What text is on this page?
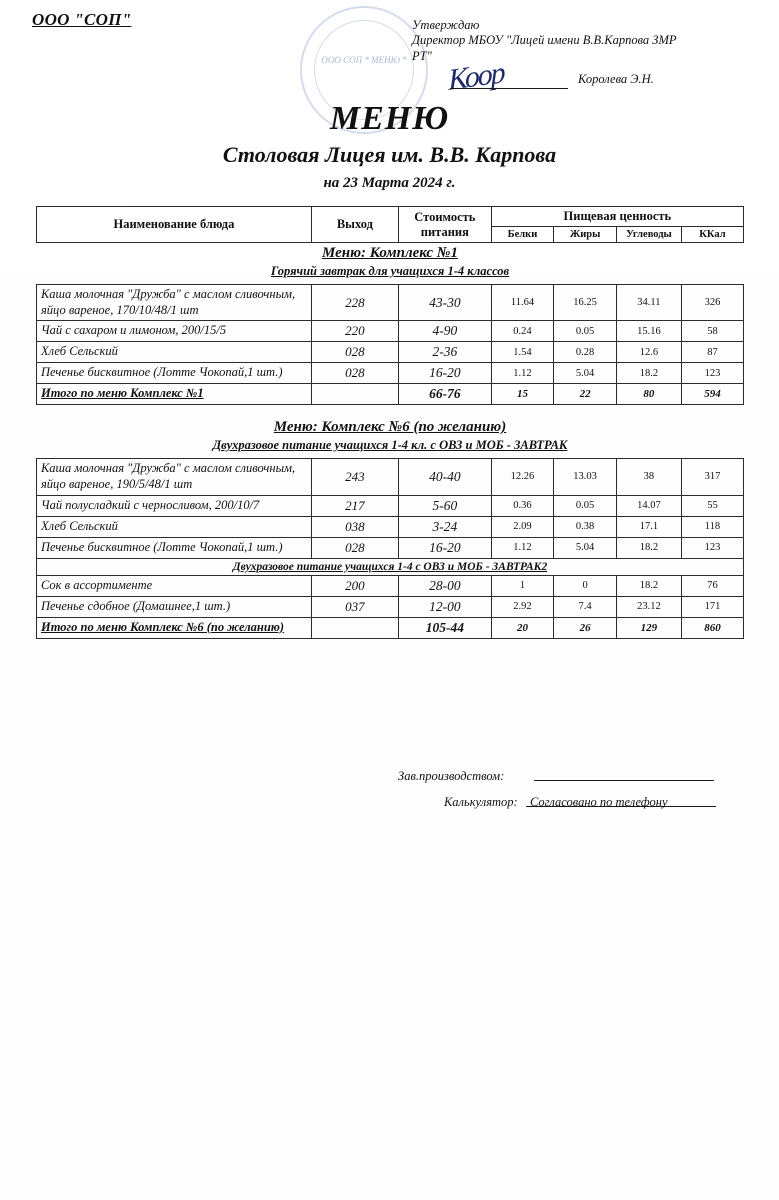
ООО "СОП"
ООО СОП * МЕНЮ *
Утверждаю
Директор МБОУ "Лицей имени В.В.Карпова ЗМР
РТ"
Коор	Королева Э.Н.
МЕНЮ
Столовая Лицея им. В.В. Карпова
на 23 Марта 2024 г.
Наименование блюда	Выход	Стоимость питания	Пищевая ценность			
			Белки	Жиры	Углеводы	ККал
Меню: Комплекс №1						
Горячий завтрак для учащихся 1-4 классов						
Каша молочная "Дружба" с маслом сливочным, яйцо вареное, 170/10/48/1 шт	228	43-30	11.64	16.25	34.11	326
Чай с сахаром и лимоном, 200/15/5	220	4-90	0.24	0.05	15.16	58
Хлеб Сельский	028	2-36	1.54	0.28	12.6	87
Печенье бисквитное (Лотте Чокопай,1 шт.)	028	16-20	1.12	5.04	18.2	123
Итого по меню Комплекс №1		66-76	15	22	80	594
Меню: Комплекс №6 (по желанию)						
Двухразовое питание учащихся 1-4 кл. с ОВЗ и МОБ - ЗАВТРАК						
Каша молочная "Дружба" с маслом сливочным, яйцо вареное, 190/5/48/1 шт	243	40-40	12.26	13.03	38	317
Чай полусладкий с черносливом, 200/10/7	217	5-60	0.36	0.05	14.07	55
Хлеб Сельский	038	3-24	2.09	0.38	17.1	118
Печенье бисквитное (Лотте Чокопай,1 шт.)	028	16-20	1.12	5.04	18.2	123
Двухразовое питание учащихся 1-4 с ОВЗ и МОБ - ЗАВТРАК2						
Сок в ассортименте	200	28-00	1	0	18.2	76
Печенье сдобное (Домашнее,1 шт.)	037	12-00	2.92	7.4	23.12	171
Итого по меню Комплекс №6 (по желанию)		105-44	20	26	129	860
Зав.производством:
Калькулятор: Согласовано по телефону
